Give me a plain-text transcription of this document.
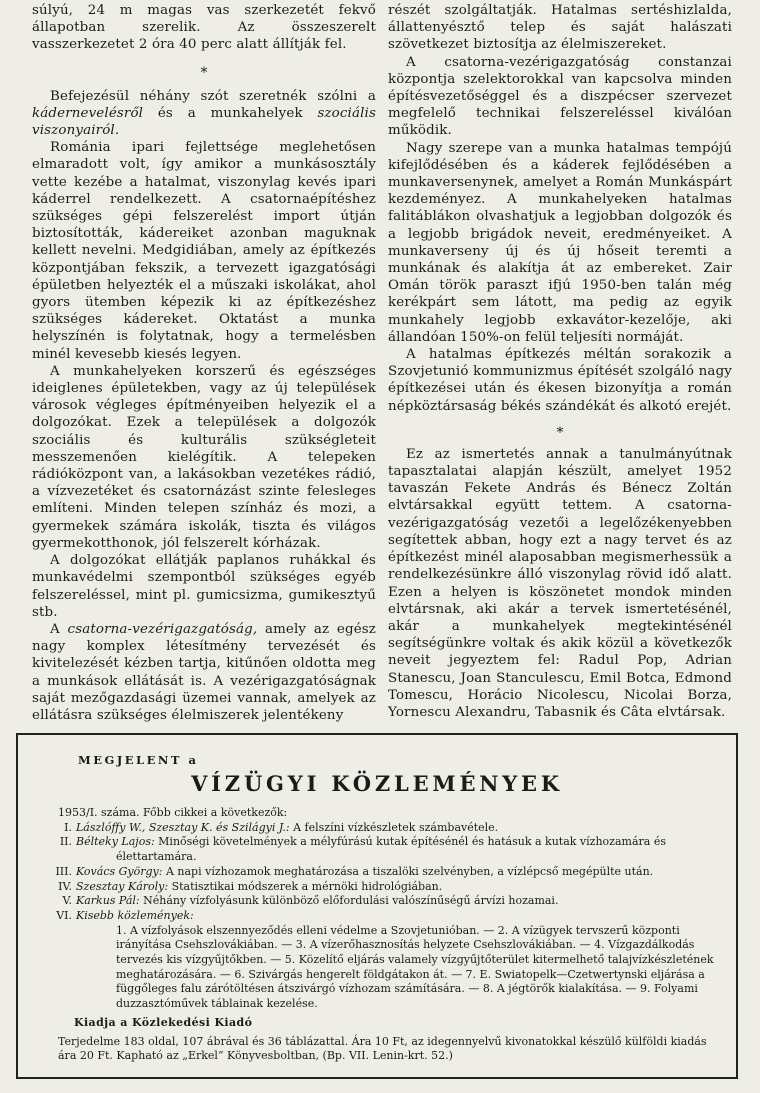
súlyú, 24 m magas vas szerkezetét fekvő állapotban szerelik. Az összeszerelt vasszerkezetet 2 óra 40 perc alatt állítják fel.

*

Befejezésül néhány szót szeretnék szólni a kádernevelésről és a munkahelyek szociális viszonyairól.

Románia ipari fejlettsége meglehetősen elmaradott volt, így amikor a munkásosztály vette kezébe a hatalmat, viszonylag kevés ipari káderrel rendelkezett. A csatornaépítéshez szükséges gépi felszerelést import útján biztosították, kádereiket azonban maguknak kellett nevelni. Medgidiában, amely az építkezés központjában fekszik, a tervezett igazgatósági épületben helyezték el a műszaki iskolákat, ahol gyors ütemben képezik ki az építkezéshez szükséges kádereket. Oktatást a munka helyszínén is folytatnak, hogy a termelésben minél kevesebb kiesés legyen.

A munkahelyeken korszerű és egészséges ideiglenes épületekben, vagy az új települések városok végleges építményeiben helyezik el a dolgozókat. Ezek a települések a dolgozók szociális és kulturális szükségleteit messzemenően kielégítik. A telepeken rádióközpont van, a lakásokban vezetékes rádió, a vízvezetéket és csatornázást szinte felesleges említeni. Minden telepen színház és mozi, a gyermekek számára iskolák, tiszta és világos gyermekotthonok, jól felszerelt kórházak.

A dolgozókat ellátják paplanos ruhákkal és munkavédelmi szempontból szükséges egyéb felszereléssel, mint pl. gumicsizma, gumikesztyű stb.

A csatorna-vezérigazgatóság, amely az egész nagy komplex létesítmény tervezését és kivitelezését kézben tartja, kitűnően oldotta meg a munkások ellátását is. A vezérigazgatóságnak saját mezőgazdasági üzemei vannak, amelyek az ellátásra szükséges élelmiszerek jelentékeny

részét szolgáltatják. Hatalmas sertéshizlalda, állattenyésztő telep és saját halászati szövetkezet biztosítja az élelmiszereket.

A csatorna-vezérigazgatóság constanzai központja szelektorokkal van kapcsolva minden építésvezetőséggel és a diszpécser szervezet megfelelő technikai felszereléssel kiválóan működik.

Nagy szerepe van a munka hatalmas tempójú kifejlődésében és a káderek fejlődésében a munkaversenynek, amelyet a Román Munkáspárt kezdeményez. A munkahelyeken hatalmas falitáblákon olvashatjuk a legjobban dolgozók és a legjobb brigádok neveit, eredményeiket. A munkaverseny új és új hőseit teremti a munkának és alakítja át az embereket. Zair Omán török paraszt ifjú 1950-ben talán még kerékpárt sem látott, ma pedig az egyik munkahely legjobb exkavátor-kezelője, aki állandóan 150%-on felül teljesíti normáját.

A hatalmas építkezés méltán sorakozik a Szovjetunió kommunizmus építését szolgáló nagy építkezései után és ékesen bizonyítja a román népköztársaság békés szándékát és alkotó erejét.

*

Ez az ismertetés annak a tanulmányútnak tapasztalatai alapján készült, amelyet 1952 tavaszán Fekete András és Bénecz Zoltán elvtársakkal együtt tettem. A csatorna-vezérigazgatóság vezetői a legelőzékenyebben segítettek abban, hogy ezt a nagy tervet és az építkezést minél alaposabban megismerhessük a rendelkezésünkre álló viszonylag rövid idő alatt. Ezen a helyen is köszönetet mondok minden elvtársnak, aki akár a tervek ismertetésénél, akár a munkahelyek megtekintésénél segítségünkre voltak és akik közül a következők neveit jegyeztem fel: Radul Pop, Adrian Stanescu, Joan Stanculescu, Emil Botca, Edmond Tomescu, Horácio Nicolescu, Nicolai Borza, Yornescu Alexandru, Tabasnik és Câta elvtársak.

MEGJELENT a
VÍZÜGYI KÖZLEMÉNYEK

1953/I. száma. Főbb cikkei a következők:

I. Lászlóffy W., Szesztay K. és Szilágyi J.: A felszíni vízkészletek számbavétele.

II. Bélteky Lajos: Minőségi követelmények a mélyfúrású kutak építésénél és hatásuk a kutak vízhozamára és élettartamára.

III. Kovács György: A napi vízhozamok meghatározása a tiszalöki szelvényben, a vízlépcső megépülte után.

IV. Szesztay Károly: Statisztikai módszerek a mérnöki hidrológiában.

V. Karkus Pál: Néhány vízfolyásunk különböző előfordulási valószínűségű árvízi hozamai.

VI. Kisebb közlemények:

1. A vízfolyások elszennyeződés elleni védelme a Szovjetunióban. — 2. A vízügyek tervszerű központi irányítása Csehszlovákiában. — 3. A vízerőhasznosítás helyzete Csehszlovákiában. — 4. Vízgazdálkodás tervezés kis vízgyűjtőkben. — 5. Közelítő eljárás valamely vízgyűjtőterület kitermelhető talajvízkészletének meghatározására. — 6. Szivárgás hengerelt földgátakon át. — 7. E. Swiatopelk—Czetwertynski eljárása a függőleges falu zárótöltésen átszivárgó vízhozam számítására. — 8. A jégtörők kialakítása. — 9. Folyami duzzasztóművek táblainak kezelése.

Kiadja a Közlekedési Kiadó

Terjedelme 183 oldal, 107 ábrával és 36 táblázattal. Ára 10 Ft, az idegennyelvű kivonatokkal készülő külföldi kiadás ára 20 Ft. Kapható az „Erkel” Könyvesboltban, (Bp. VII. Lenin-krt. 52.)
